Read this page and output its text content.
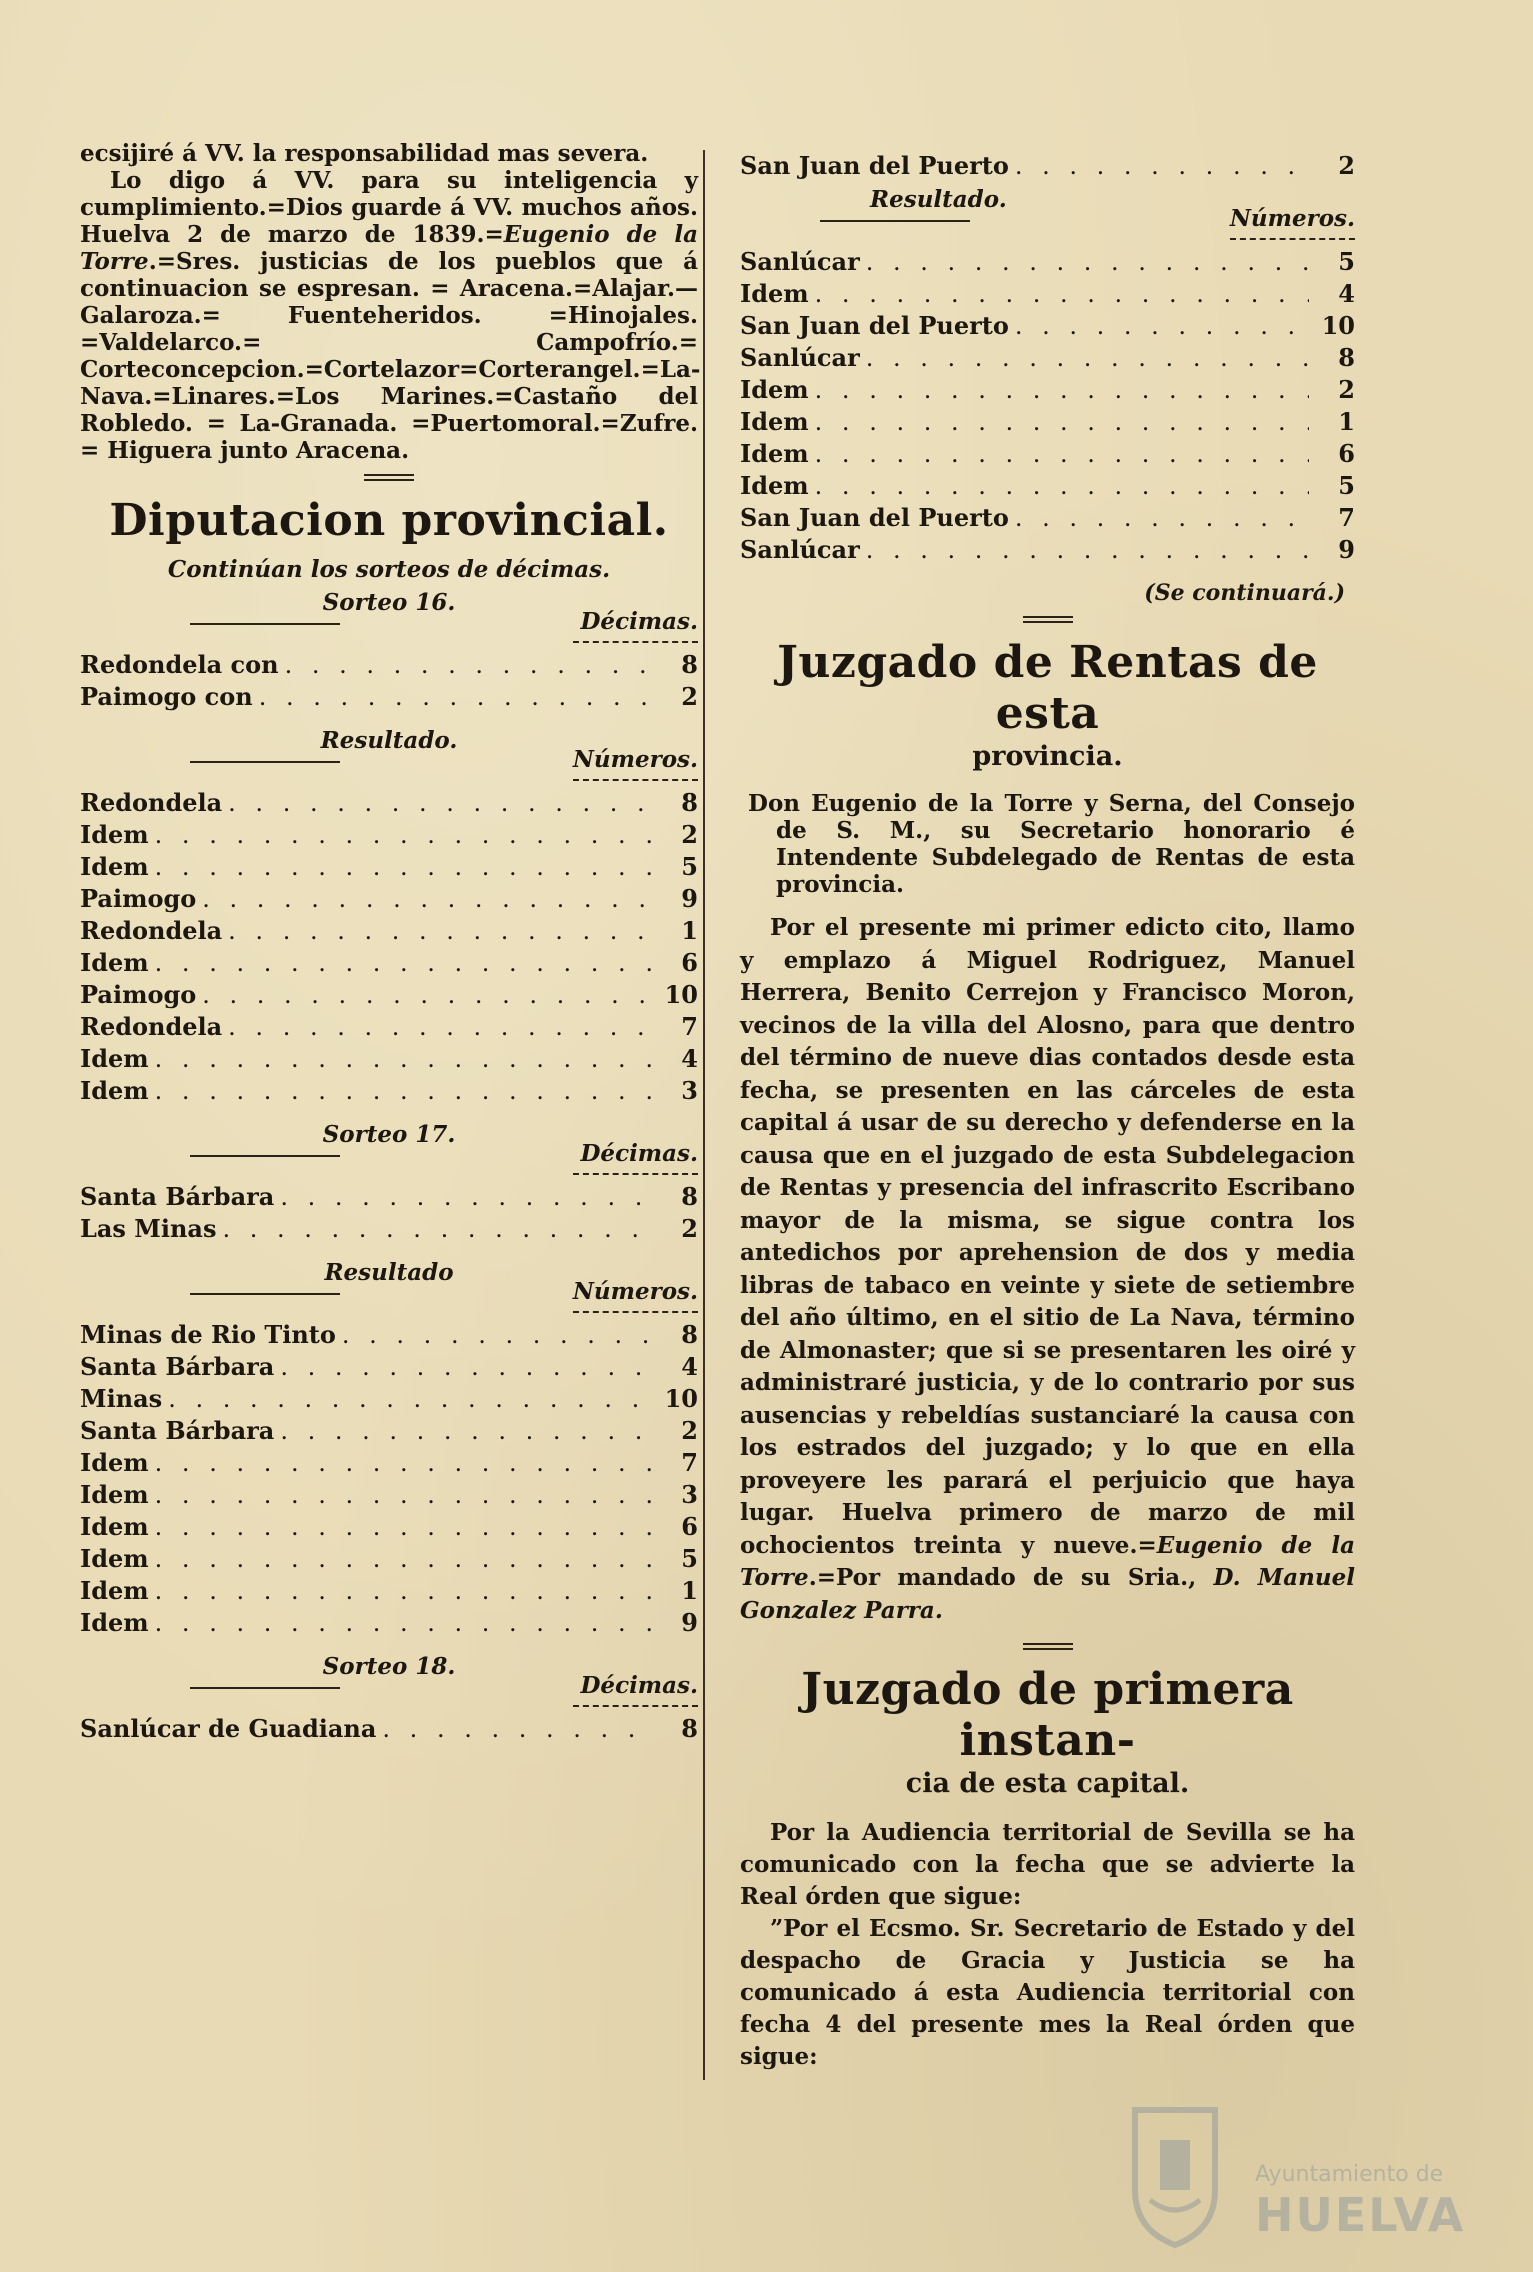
ecsijiré á VV. la responsabilidad mas severa.

Lo digo á VV. para su inteligencia y cumplimiento.=Dios guarde á VV. muchos años. Huelva 2 de marzo de 1839.=Eugenio de la Torre.=Sres. justicias de los pueblos que á continuacion se espresan. = Aracena.=Alajar.—Galaroza.= Fuenteheridos. =Hinojales. =Valdelarco.= Campofrío.= Corteconcepcion.=Cortelazor=Corterangel.=La-Nava.=Linares.=Los Marines.=Castaño del Robledo. = La-Granada. =Puertomoral.=Zufre. = Higuera junto Aracena.

Diputacion provincial.
Continúan los sorteos de décimas.
Sorteo 16.
Décimas.
Redondela con . . .	8
Paimogo con . . .	2
Resultado.
Números.
Redondela . . .	8
Idem . . .	2
Idem . . .	5
Paimogo . . .	9
Redondela . . .	1
Idem . . .	6
Paimogo . . .	10
Redondela . . .	7
Idem . . .	4
Idem . . .	3
Sorteo 17.
Décimas.
Santa Bárbara . . .	8
Las Minas . . .	2
Resultado
Números.
Minas de Rio Tinto . . .	8
Santa Bárbara . . .	4
Minas . . .	10
Santa Bárbara . . .	2
Idem . . .	7
Idem . . .	3
Idem . . .	6
Idem . . .	5
Idem . . .	1
Idem . . .	9
Sorteo 18.
Décimas.
Sanlúcar de Guadiana . . .	8
San Juan del Puerto . . .	2
Resultado.
Números.
Sanlúcar . . .	5
Idem . . .	4
San Juan del Puerto . . .	10
Sanlúcar . . .	8
Idem . . .	2
Idem . . .	1
Idem . . .	6
Idem . . .	5
San Juan del Puerto . . .	7
Sanlúcar . . .	9
(Se continuará.)
Juzgado de Rentas de esta
provincia.

Don Eugenio de la Torre y Serna, del Consejo de S. M., su Secretario honorario é Intendente Subdelegado de Rentas de esta provincia.

Por el presente mi primer edicto cito, llamo y emplazo á Miguel Rodriguez, Manuel Herrera, Benito Cerrejon y Francisco Moron, vecinos de la villa del Alosno, para que dentro del término de nueve dias contados desde esta fecha, se presenten en las cárceles de esta capital á usar de su derecho y defenderse en la causa que en el juzgado de esta Subdelegacion de Rentas y presencia del infrascrito Escribano mayor de la misma, se sigue contra los antedichos por aprehension de dos y media libras de tabaco en veinte y siete de setiembre del año último, en el sitio de La Nava, término de Almonaster; que si se presentaren les oiré y administraré justicia, y de lo contrario por sus ausencias y rebeldías sustanciaré la causa con los estrados del juzgado; y lo que en ella proveyere les parará el perjuicio que haya lugar. Huelva primero de marzo de mil ochocientos treinta y nueve.=Eugenio de la Torre.=Por mandado de su Sria., D. Manuel Gonzalez Parra.

Juzgado de primera instan-
cia de esta capital.

Por la Audiencia territorial de Sevilla se ha comunicado con la fecha que se advierte la Real órden que sigue:

”Por el Ecsmo. Sr. Secretario de Estado y del despacho de Gracia y Justicia se ha comunicado á esta Audiencia territorial con fecha 4 del presente mes la Real órden que sigue:

Ayuntamiento de
HUELVA
